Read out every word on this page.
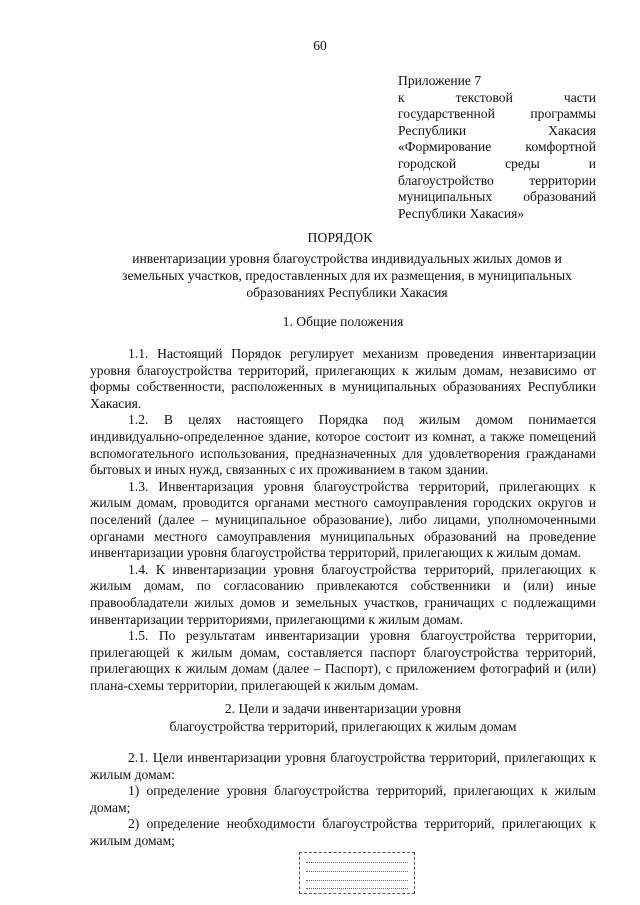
60
Приложение 7
к текстовой части
государственной программы
Республики Хакасия
«Формирование комфортной
городской среды и
благоустройство территории
муниципальных образований
Республики Хакасия»
ПОРЯДОК
инвентаризации уровня благоустройства индивидуальных жилых домов и земельных участков, предоставленных для их размещения, в муниципальных образованиях Республики Хакасия
1. Общие положения

1.1. Настоящий Порядок регулирует механизм проведения инвентаризации уровня благоустройства территорий, прилегающих к жилым домам, независимо от формы собственности, расположенных в муниципальных образованиях Республики Хакасия.

1.2. В целях настоящего Порядка под жилым домом понимается индивидуально-определенное здание, которое состоит из комнат, а также помещений вспомогательного использования, предназначенных для удовлетворения гражданами бытовых и иных нужд, связанных с их проживанием в таком здании.

1.3. Инвентаризация уровня благоустройства территорий, прилегающих к жилым домам, проводится органами местного самоуправления городских округов и поселений (далее – муниципальное образование), либо лицами, уполномоченными органами местного самоуправления муниципальных образований на проведение инвентаризации уровня благоустройства территорий, прилегающих к жилым домам.

1.4. К инвентаризации уровня благоустройства территорий, прилегающих к жилым домам, по согласованию привлекаются собственники и (или) иные правообладатели жилых домов и земельных участков, граничащих с подлежащими инвентаризации территориями, прилегающими к жилым домам.

1.5. По результатам инвентаризации уровня благоустройства территории, прилегающей к жилым домам, составляется паспорт благоустройства территорий, прилегающих к жилым домам (далее – Паспорт), с приложением фотографий и (или) плана-схемы территории, прилегающей к жилым домам.

2. Цели и задачи инвентаризации уровня
благоустройства территорий, прилегающих к жилым домам

2.1. Цели инвентаризации уровня благоустройства территорий, прилегающих к жилым домам:

1) определение уровня благоустройства территорий, прилегающих к жилым домам;

2) определение необходимости благоустройства территорий, прилегающих к жилым домам;
